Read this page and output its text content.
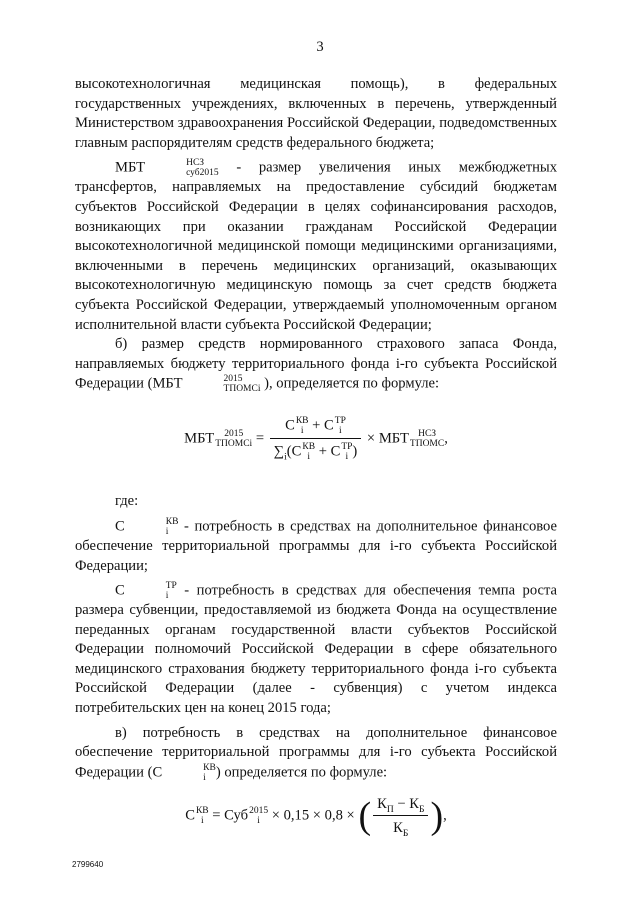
3

высокотехнологичная медицинская помощь), в федеральных государственных учреждениях, включенных в перечень, утвержденный Министерством здравоохранения Российской Федерации, подведомственных главным распорядителям средств федерального бюджета;

МБТ	НСЗ
суб2015 - размер увеличения иных межбюджетных трансфертов, направляемых на предоставление субсидий бюджетам субъектов Российской Федерации в целях софинансирования расходов, возникающих при оказании гражданам Российской Федерации высокотехнологичной медицинской помощи медицинскими организациями, включенными в перечень медицинских организаций, оказывающих высокотехнологичную медицинскую помощь за счет средств бюджета субъекта Российской Федерации, утверждаемый уполномоченным органом исполнительной власти субъекта Российской Федерации;

б) размер средств нормированного страхового запаса Фонда, направляемых бюджету территориального фонда i-го субъекта Российской Федерации (МБТ	2015
ТПОМСi ), определяется по формуле:

МБТ	2015
ТПОМСi = С КВ
i + С ТР
i
$\sum_i(С$ КВ
i + С ТР
i ) × МБТ НСЗ
ТПОМС ,

где:

С	КВ
i - потребность в средствах на дополнительное финансовое обеспечение территориальной программы для i-го субъекта Российской Федерации;

С	ТР
i - потребность в средствах для обеспечения темпа роста размера субвенции, предоставляемой из бюджета Фонда на осуществление переданных органам государственной власти субъектов Российской Федерации полномочий Российской Федерации в сфере обязательного медицинского страхования бюджету территориального фонда i-го субъекта Российской Федерации (далее - субвенция) с учетом индекса потребительских цен на конец 2015 года;

в) потребность в средствах на дополнительное финансовое обеспечение территориальной программы для i-го субъекта Российской Федерации (С	КВ
i ) определяется по формуле:

С КВ
i = Суб 2015
i × 0,15 × 0,8 × ( $\frac{К_П - К_Б}{К_Б}$ ),
2799640
